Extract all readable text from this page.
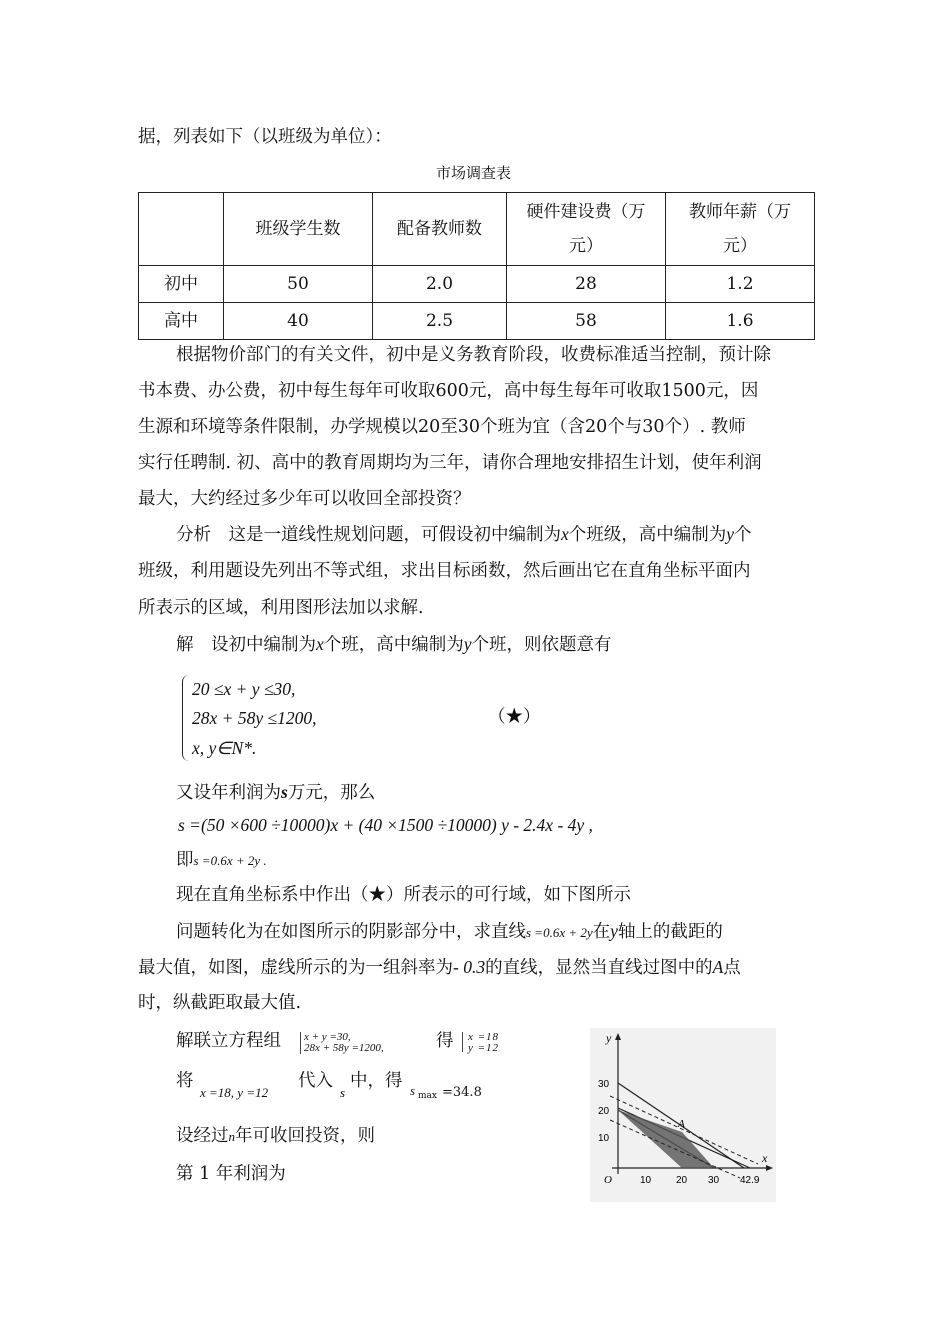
据，列表如下（以班级为单位）：
市场调查表
	班级学生数	配备教师数	硬件建设费（万
元）	教师年薪（万
元）
初中	50	2.0	28	1.2
高中	40	2.5	58	1.6
根据物价部门的有关文件，初中是义务教育阶段，收费标准适当控制，预计除
书本费、办公费，初中每生每年可收取600元，高中每生每年可收取1500元，因
生源和环境等条件限制，办学规模以20至30个班为宜（含20个与30个）. 教师
实行任聘制. 初、高中的教育周期均为三年，请你合理地安排招生计划，使年利润
最大，大约经过多少年可以收回全部投资？
分析　这是一道线性规划问题，可假设初中编制为x个班级，高中编制为y个
班级，利用题设先列出不等式组，求出目标函数，然后画出它在直角坐标平面内
所表示的区域，利用图形法加以求解.
解　设初中编制为x个班，高中编制为y个班，则依题意有
20 ≤x + y ≤30,
28x + 58y ≤1200,
x, y∈N*.
（★）
又设年利润为s万元，那么
s =(50 ×600 ÷10000)x + (40 ×1500 ÷10000) y - 2.4x - 4y ,
即s =0.6x + 2y .
现在直角坐标系中作出（★）所表示的可行域，如下图所示
问题转化为在如图所示的阴影部分中，求直线s =0.6x + 2y在y轴上的截距的
最大值，如图，虚线所示的为一组斜率为- 0.3的直线，显然当直线过图中的A点
时，纵截距取最大值.
解联立方程组 x + y =30,
28x + 58y =1200,	得 x =18
y =12
将
x =18, y =12
代入
s
中，得 s max =34.8
设经过n年可收回投资，则
第 1 年利润为
y
x
O
A
30
20
10
10 20 30 42.9
